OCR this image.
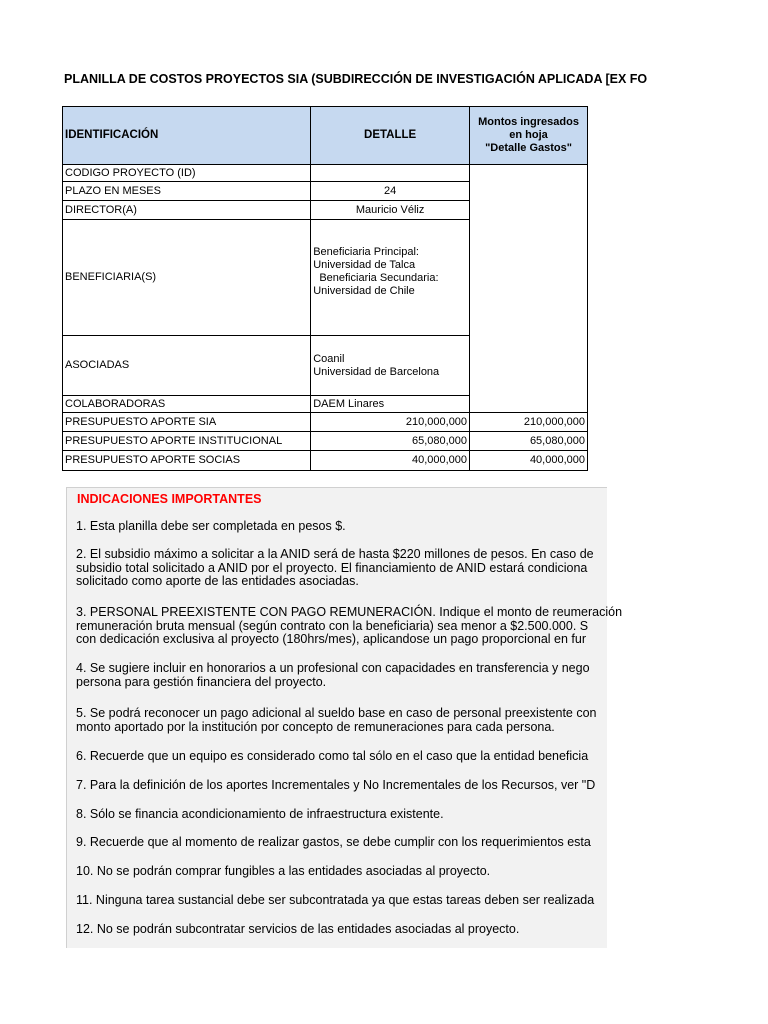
PLANILLA DE COSTOS PROYECTOS SIA (SUBDIRECCIÓN DE INVESTIGACIÓN APLICADA [EX FO
IDENTIFICACIÓN	DETALLE	Montos ingresados
en hoja
"Detalle Gastos"
CODIGO PROYECTO (ID)		
PLAZO EN MESES	24	
DIRECTOR(A)	Mauricio Véliz	
BENEFICIARIA(S)	Beneficiaria Principal:
Universidad de Talca
Beneficiaria Secundaria:
Universidad de Chile	
ASOCIADAS	Coanil
Universidad de Barcelona	
COLABORADORAS	DAEM Linares	
PRESUPUESTO APORTE SIA	210,000,000	210,000,000
PRESUPUESTO APORTE INSTITUCIONAL	65,080,000	65,080,000
PRESUPUESTO APORTE SOCIAS	40,000,000	40,000,000
INDICACIONES IMPORTANTES
1. Esta planilla debe ser completada en pesos $.
2. El subsidio máximo a solicitar a la ANID será de hasta $220 millones de pesos. En caso de
subsidio total solicitado a ANID por el proyecto. El financiamiento de ANID estará condiciona
solicitado como aporte de las entidades asociadas.
3. PERSONAL PREEXISTENTE CON PAGO REMUNERACIÓN. Indique el monto de reumeración
remuneración bruta mensual (según contrato con la beneficiaria) sea menor a $2.500.000. S
con dedicación exclusiva al proyecto (180hrs/mes), aplicandose un pago proporcional en fur
4. Se sugiere incluir en honorarios a un profesional con capacidades en transferencia y nego
persona para gestión financiera del proyecto.
5. Se podrá reconocer un pago adicional al sueldo base en caso de personal preexistente con
monto aportado por la institución por concepto de remuneraciones para cada persona.
6. Recuerde que un equipo es considerado como tal sólo en el caso que la entidad beneficia
7. Para la definición de los aportes Incrementales y No Incrementales de los Recursos, ver "D
8. Sólo se financia acondicionamiento de infraestructura existente.
9. Recuerde que al momento de realizar gastos, se debe cumplir con los requerimientos esta
10. No se podrán comprar fungibles a las entidades asociadas al proyecto.
11. Ninguna tarea sustancial debe ser subcontratada ya que estas tareas deben ser realizada
12. No se podrán subcontratar servicios de las entidades asociadas al proyecto.
